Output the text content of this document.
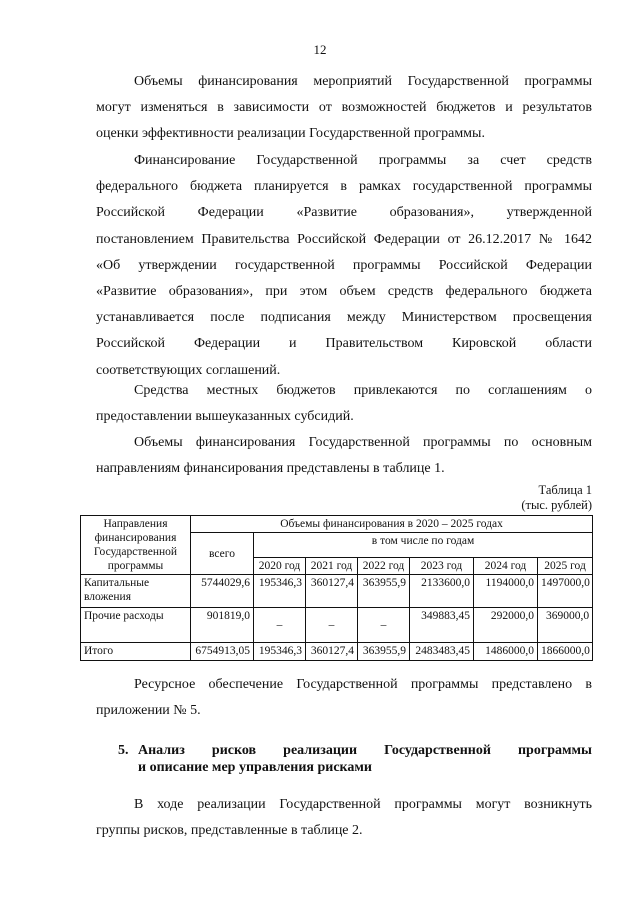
12
Объемы финансирования мероприятий Государственной программы
могут изменяться в зависимости от возможностей бюджетов и результатов
оценки эффективности реализации Государственной программы.
Финансирование Государственной программы за счет средств
федерального бюджета планируется в рамках государственной программы
Российской Федерации «Развитие образования», утвержденной
постановлением Правительства Российской Федерации от 26.12.2017 № 1642
«Об утверждении государственной программы Российской Федерации
«Развитие образования», при этом объем средств федерального бюджета
устанавливается после подписания между Министерством просвещения
Российской Федерации и Правительством Кировской области
соответствующих соглашений.
Средства местных бюджетов привлекаются по соглашениям о
предоставлении вышеуказанных субсидий.
Объемы финансирования Государственной программы по основным
направлениям финансирования представлены в таблице 1.
Таблица 1
(тыс. рублей)
Направления финансирования Государственной программы	Объемы финансирования в 2020 – 2025 годах						
	всего	в том числе по годам					
		2020 год	2021 год	2022 год	2023 год	2024 год	2025 год
Капитальные вложения	5744029,6	195346,3	360127,4	363955,9	2133600,0	1194000,0	1497000,0
Прочие расходы	901819,0	–	–	–	349883,45	292000,0	369000,0
Итого	6754913,05	195346,3	360127,4	363955,9	2483483,45	1486000,0	1866000,0
Ресурсное обеспечение Государственной программы представлено в
приложении № 5.
5. Анализ рисков реализации Государственной программы
и описание мер управления рисками
В ходе реализации Государственной программы могут возникнуть
группы рисков, представленные в таблице 2.
